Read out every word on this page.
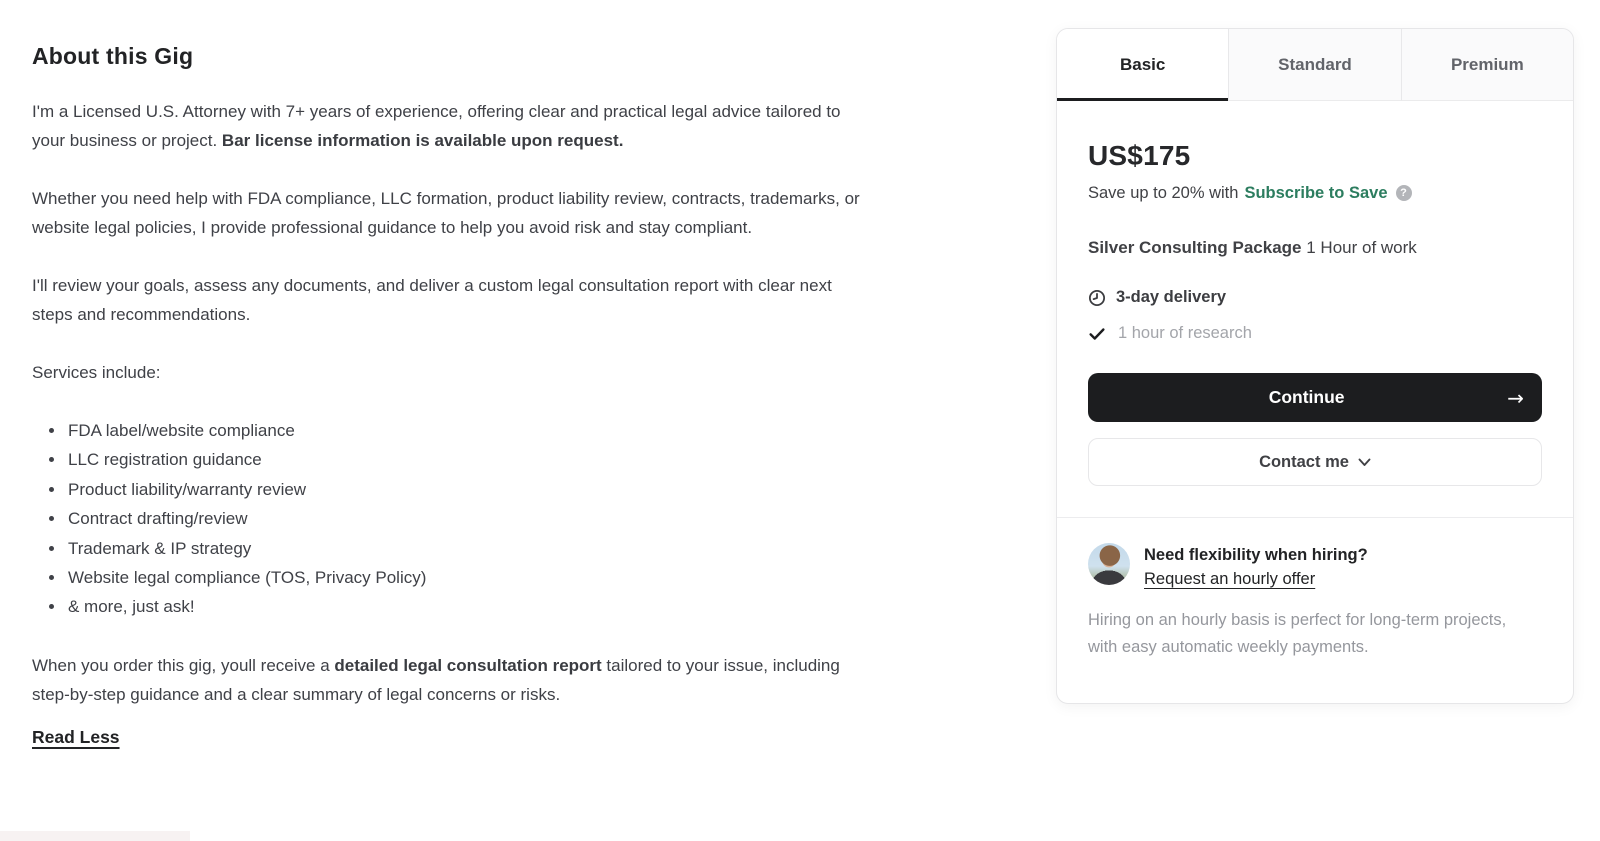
About this Gig

I'm a Licensed U.S. Attorney with 7+ years of experience, offering clear and practical legal advice tailored to your business or project. Bar license information is available upon request.

Whether you need help with FDA compliance, LLC formation, product liability review, contracts, trademarks, or website legal policies, I provide professional guidance to help you avoid risk and stay compliant.

I'll review your goals, assess any documents, and deliver a custom legal consultation report with clear next steps and recommendations.

Services include:

• FDA label/website compliance
• LLC registration guidance
• Product liability/warranty review
• Contract drafting/review
• Trademark & IP strategy
• Website legal compliance (TOS, Privacy Policy)
• & more, just ask!

When you order this gig, youll receive a detailed legal consultation report tailored to your issue, including step-by-step guidance and a clear summary of legal concerns or risks.

Read Less
Basic	Standard	Premium
US$175
Save up to 20% with Subscribe to Save	?
Silver Consulting Package 1 Hour of work
3-day delivery
1 hour of research
Continue	→
Contact me
Need flexibility when hiring?
Request an hourly offer
Hiring on an hourly basis is perfect for long-term projects, with easy automatic weekly payments.
